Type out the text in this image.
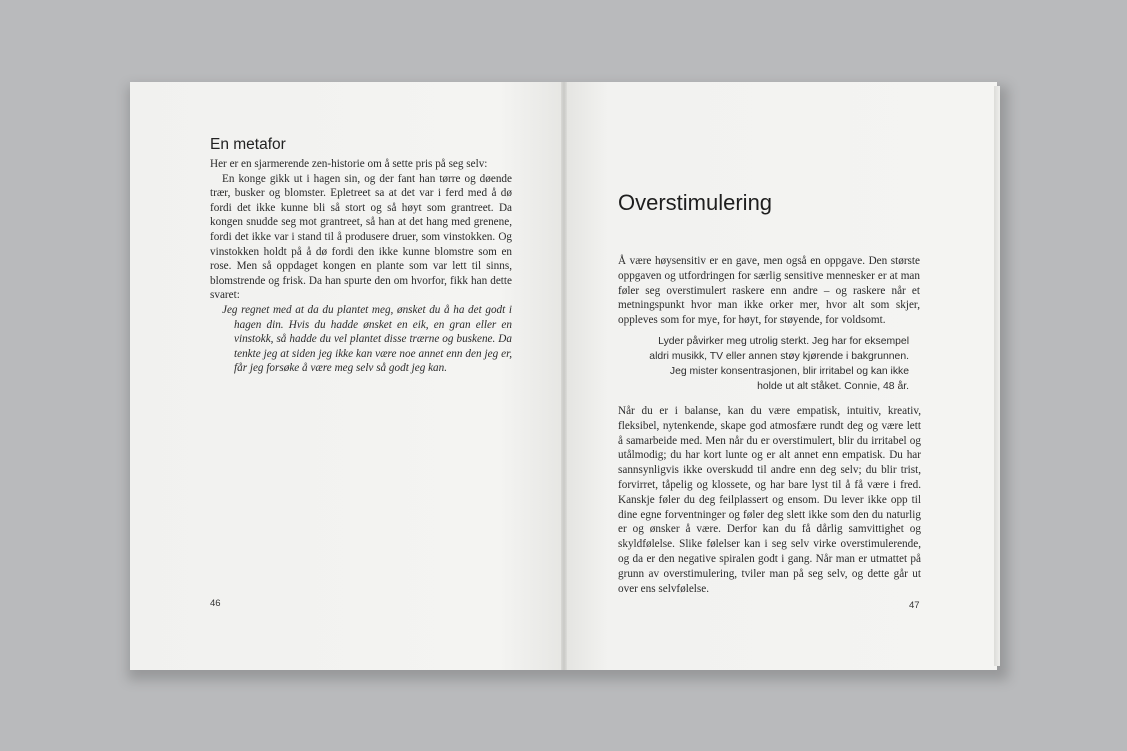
En metafor

Her er en sjarmerende zen-historie om å sette pris på seg selv:

En konge gikk ut i hagen sin, og der fant han tørre og døende trær, busker og blomster. Epletreet sa at det var i ferd med å dø fordi det ikke kunne bli så stort og så høyt som grantreet. Da kongen snudde seg mot grantreet, så han at det hang med grenene, fordi det ikke var i stand til å produsere druer, som vinstokken. Og vinstokken holdt på å dø fordi den ikke kunne blomstre som en rose. Men så oppdaget kongen en plante som var lett til sinns, blomstrende og frisk. Da han spurte den om hvorfor, fikk han dette svaret:

Jeg regnet med at da du plantet meg, ønsket du å ha det godt i hagen din. Hvis du hadde ønsket en eik, en gran eller en vinstokk, så hadde du vel plantet disse trærne og buskene. Da tenkte jeg at siden jeg ikke kan være noe annet enn den jeg er, får jeg forsøke å være meg selv så godt jeg kan.

46
Overstimulering

Å være høysensitiv er en gave, men også en oppgave. Den største oppgaven og utfordringen for særlig sensitive mennesker er at man føler seg overstimulert raskere enn andre – og raskere når et metningspunkt hvor man ikke orker mer, hvor alt som skjer, oppleves som for mye, for høyt, for støyende, for voldsomt.

Lyder påvirker meg utrolig sterkt. Jeg har for eksempel
aldri musikk, TV eller annen støy kjørende i bakgrunnen.
Jeg mister konsentrasjonen, blir irritabel og kan ikke
holde ut alt ståket. Connie, 48 år.

Når du er i balanse, kan du være empatisk, intuitiv, kreativ, fleksibel, nytenkende, skape god atmosfære rundt deg og være lett å samarbeide med. Men når du er overstimulert, blir du irritabel og utålmodig; du har kort lunte og er alt annet enn empatisk. Du har sannsynligvis ikke overskudd til andre enn deg selv; du blir trist, forvirret, tåpelig og klossete, og har bare lyst til å få være i fred. Kanskje føler du deg feilplassert og ensom. Du lever ikke opp til dine egne forventninger og føler deg slett ikke som den du naturlig er og ønsker å være. Derfor kan du få dårlig samvittighet og skyldfølelse. Slike følelser kan i seg selv virke overstimulerende, og da er den negative spiralen godt i gang. Når man er utmattet på grunn av overstimulering, tviler man på seg selv, og dette går ut over ens selvfølelse.

47
